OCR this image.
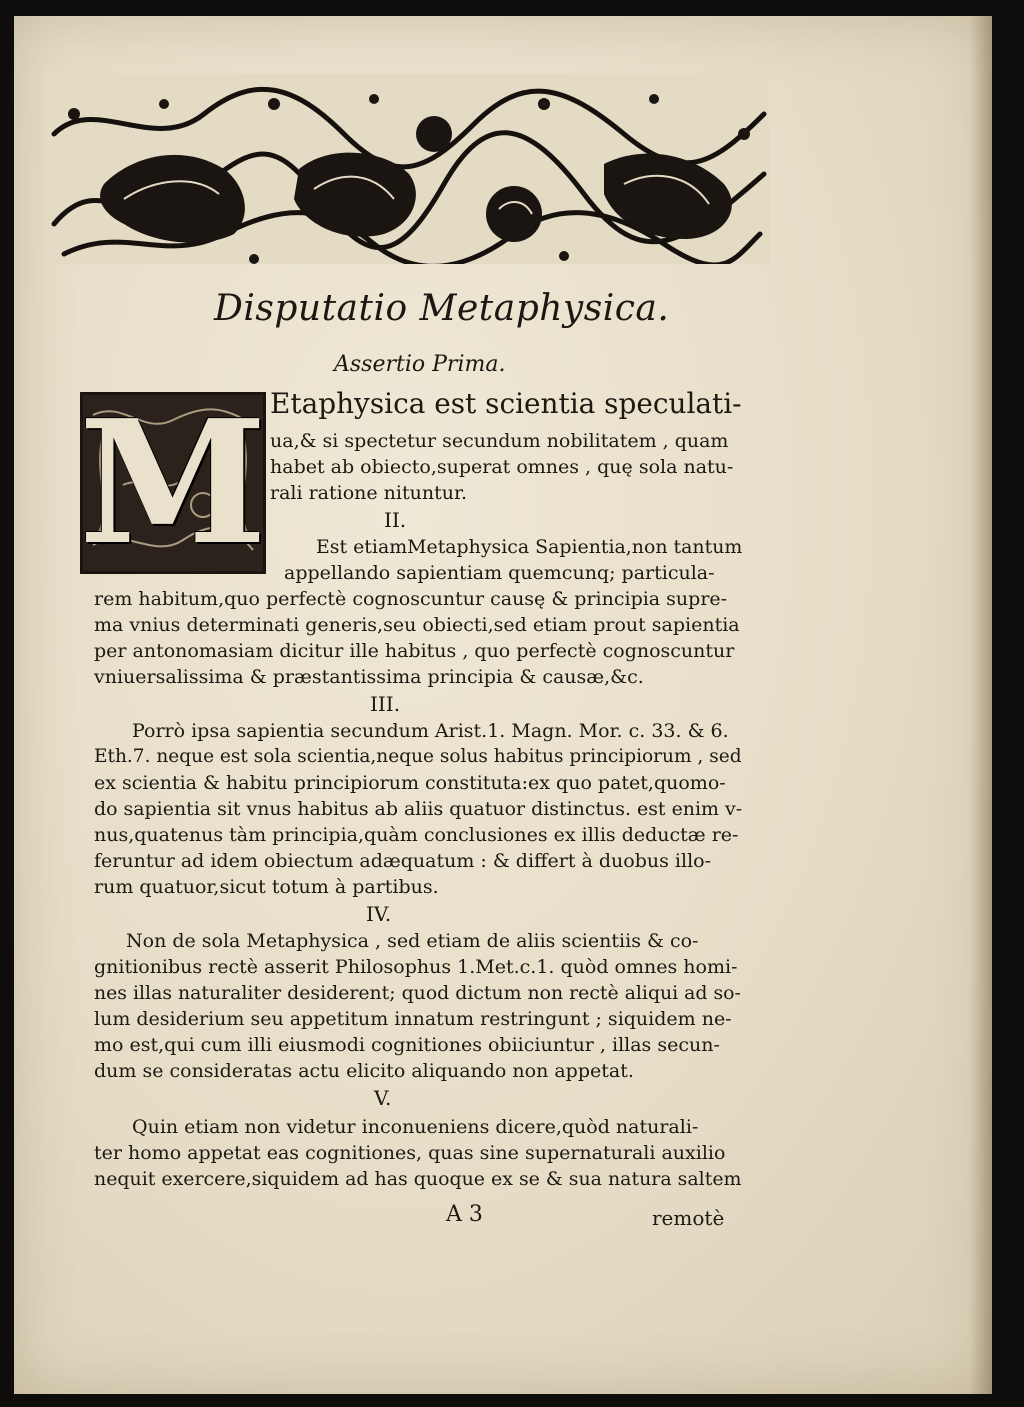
Disputatio Metaphysica.
Assertio Prima.
M
A 3	remotè
Etaphysica est scientia speculati-
ua,& si spectetur secundum nobilitatem , quam
habet ab obiecto,superat omnes , quę sola natu-
rali ratione nituntur.
II.
Est etiamMetaphysica Sapientia,non tantum
appellando sapientiam quemcunq; particula-
rem habitum,quo perfectè cognoscuntur causę & principia supre-
ma vnius determinati generis,seu obiecti,sed etiam prout sapientia
per antonomasiam dicitur ille habitus , quo perfectè cognoscuntur
vniuersalissima & præstantissima principia & causæ,&c.
III.
Porrò ipsa sapientia secundum Arist.1. Magn. Mor. c. 33. & 6.
Eth.7. neque est sola scientia,neque solus habitus principiorum , sed
ex scientia & habitu principiorum constituta:ex quo patet,quomo-
do sapientia sit vnus habitus ab aliis quatuor distinctus. est enim v-
nus,quatenus tàm principia,quàm conclusiones ex illis deductæ re-
feruntur ad idem obiectum adæquatum : & differt à duobus illo-
rum quatuor,sicut totum à partibus.
IV.
Non de sola Metaphysica , sed etiam de aliis scientiis & co-
gnitionibus rectè asserit Philosophus 1.Met.c.1. quòd omnes homi-
nes illas naturaliter desiderent; quod dictum non rectè aliqui ad so-
lum desiderium seu appetitum innatum restringunt ; siquidem ne-
mo est,qui cum illi eiusmodi cognitiones obiiciuntur , illas secun-
dum se consideratas actu elicito aliquando non appetat.
V.
Quin etiam non videtur inconueniens dicere,quòd naturali-
ter homo appetat eas cognitiones, quas sine supernaturali auxilio
nequit exercere,siquidem ad has quoque ex se & sua natura saltem
